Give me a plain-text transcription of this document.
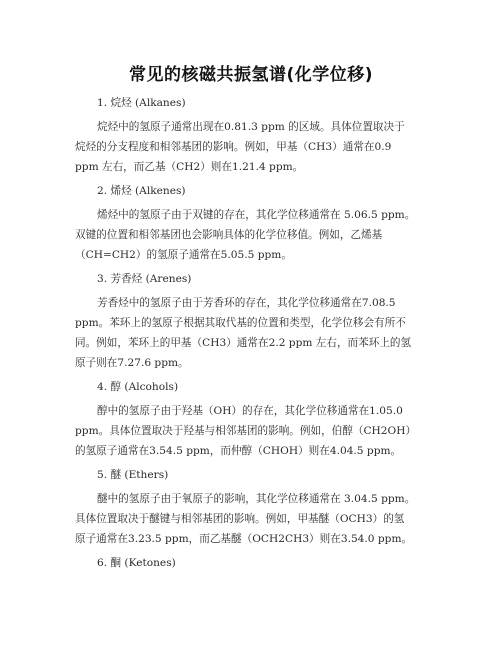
常见的核磁共振氢谱(化学位移)
1. 烷烃 (Alkanes)
烷烃中的氢原子通常出现在0.81.3 ppm 的区域。具体位置取决于
烷烃的分支程度和相邻基团的影响。例如，甲基（CH3）通常在0.9
ppm 左右，而乙基（CH2）则在1.21.4 ppm。
2. 烯烃 (Alkenes)
烯烃中的氢原子由于双键的存在，其化学位移通常在 5.06.5 ppm。
双键的位置和相邻基团也会影响具体的化学位移值。例如，乙烯基
（CH=CH2）的氢原子通常在5.05.5 ppm。
3. 芳香烃 (Arenes)
芳香烃中的氢原子由于芳香环的存在，其化学位移通常在7.08.5
ppm。苯环上的氢原子根据其取代基的位置和类型，化学位移会有所不
同。例如，苯环上的甲基（CH3）通常在2.2 ppm 左右，而苯环上的氢
原子则在7.27.6 ppm。
4. 醇 (Alcohols)
醇中的氢原子由于羟基（OH）的存在，其化学位移通常在1.05.0
ppm。具体位置取决于羟基与相邻基团的影响。例如，伯醇（CH2OH）
的氢原子通常在3.54.5 ppm，而仲醇（CHOH）则在4.04.5 ppm。
5. 醚 (Ethers)
醚中的氢原子由于氧原子的影响，其化学位移通常在 3.04.5 ppm。
具体位置取决于醚键与相邻基团的影响。例如，甲基醚（OCH3）的氢
原子通常在3.23.5 ppm，而乙基醚（OCH2CH3）则在3.54.0 ppm。
6. 酮 (Ketones)
